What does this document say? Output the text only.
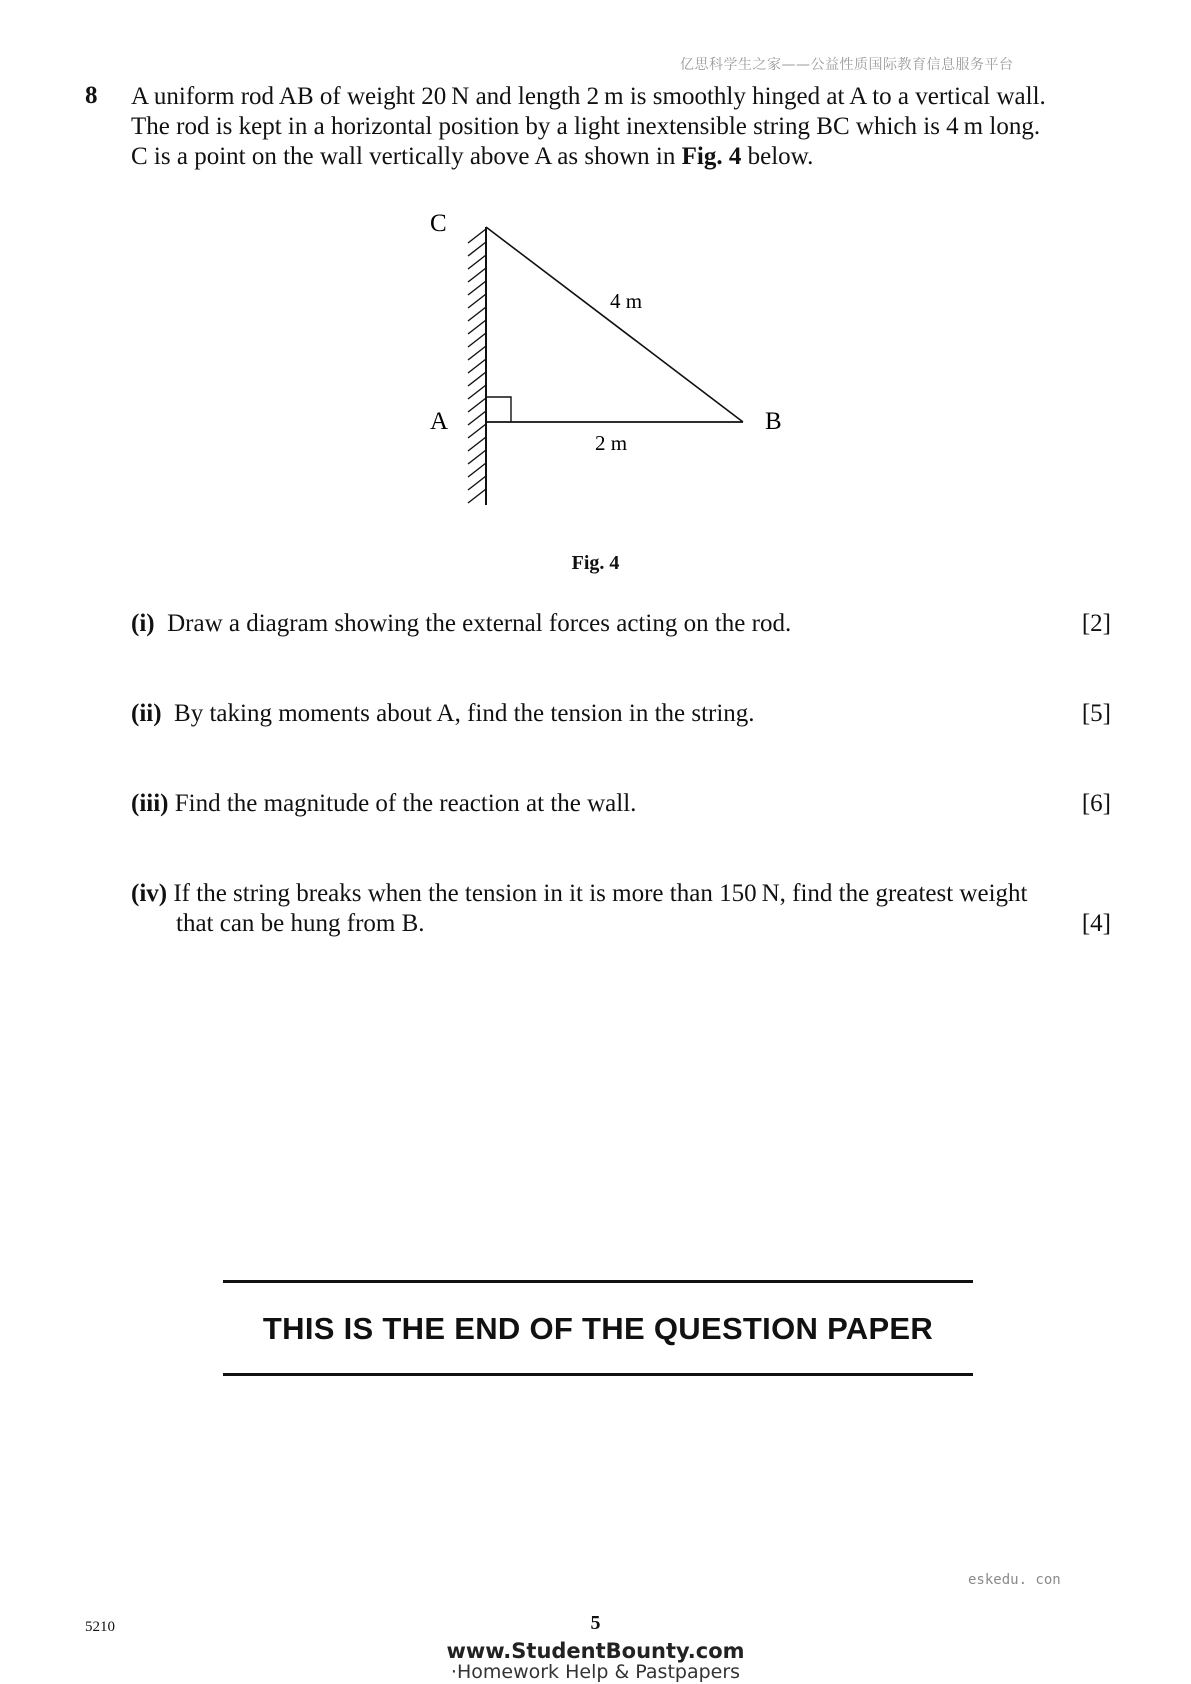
亿思科学生之家——公益性质国际教育信息服务平台
8 A uniform rod AB of weight 20 N and length 2 m is smoothly hinged at A to a vertical wall.

The rod is kept in a horizontal position by a light inextensible string BC which is 4 m long.

C is a point on the wall vertically above A as shown in Fig. 4 below.

C
4 m
A	B
2 m
Fig. 4
(i) Draw a diagram showing the external forces acting on the rod.	[2]
(ii) By taking moments about A, find the tension in the string.	[5]
(iii) Find the magnitude of the reaction at the wall.	[6]
(iv) If the string breaks when the tension in it is more than 150 N, find the greatest weight
that can be hung from B.	[4]
THIS IS THE END OF THE QUESTION PAPER
eskedu. con
5210	5
www.StudentBounty.com
·Homework Help & Pastpapers
